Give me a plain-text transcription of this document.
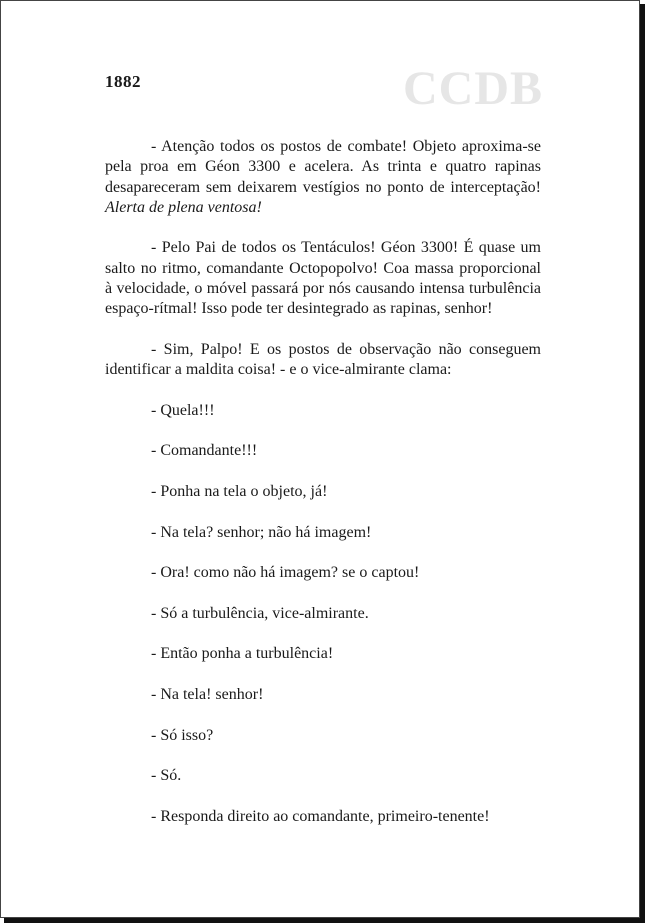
1882	CCDB

- Atenção todos os postos de combate! Objeto aproxima-se pela proa em Géon 3300 e acelera. As trinta e quatro rapinas desapareceram sem deixarem vestígios no ponto de interceptação! Alerta de plena ventosa!

- Pelo Pai de todos os Tentáculos! Géon 3300! É quase um salto no ritmo, comandante Octopopolvo! Coa massa proporcional à velocidade, o móvel passará por nós causando intensa turbulência espaço-rítmal! Isso pode ter desintegrado as rapinas, senhor!

- Sim, Palpo! E os postos de observação não conseguem identificar a maldita coisa! - e o vice-almirante clama:

- Quela!!!
- Comandante!!!
- Ponha na tela o objeto, já!
- Na tela? senhor; não há imagem!
- Ora! como não há imagem? se o captou!
- Só a turbulência, vice-almirante.
- Então ponha a turbulência!
- Na tela! senhor!
- Só isso?
- Só.
- Responda direito ao comandante, primeiro-tenente!
